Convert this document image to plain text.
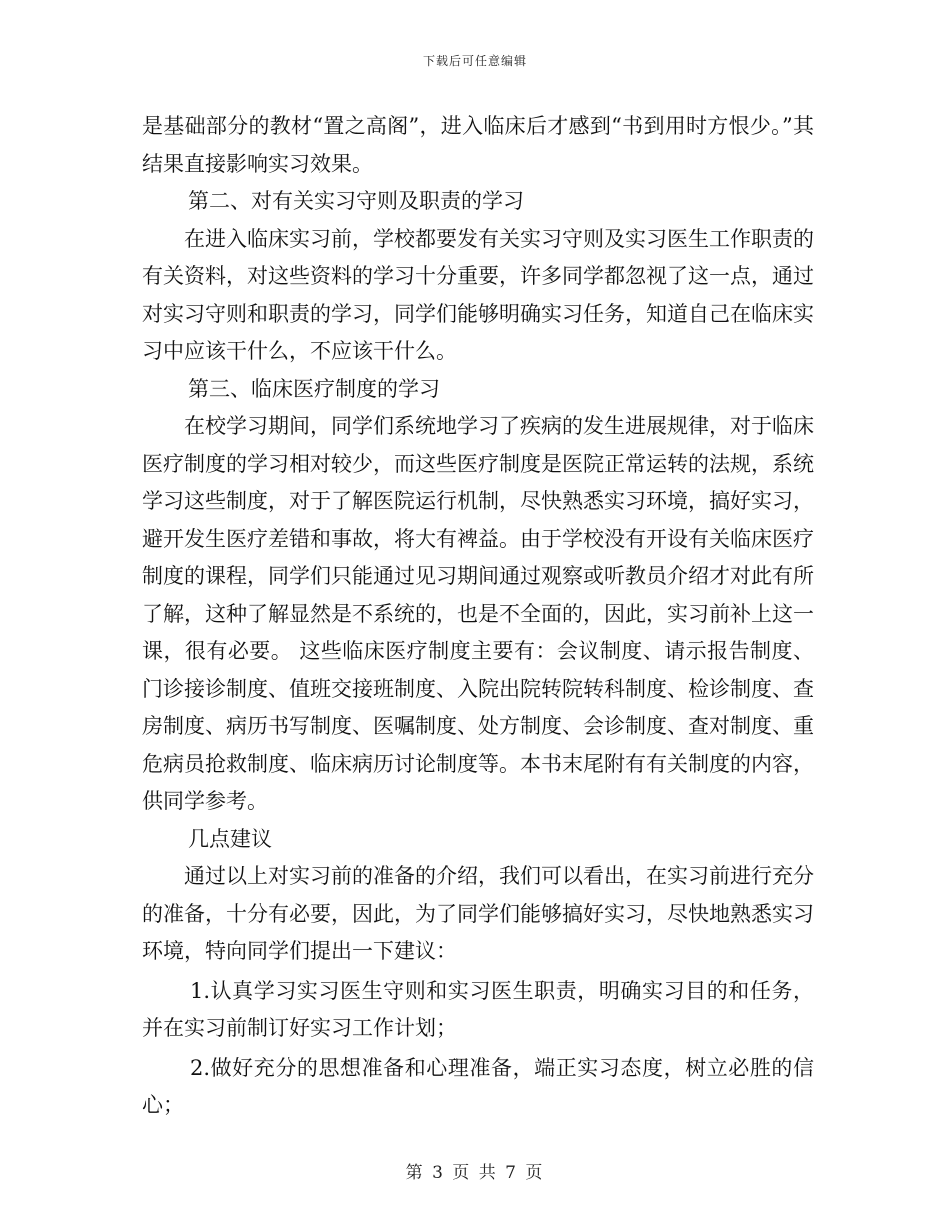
下载后可任意编辑

是基础部分的教材“置之高阁”，进入临床后才感到“书到用时方恨少。”其结果直接影响实习效果。

第二、对有关实习守则及职责的学习

在进入临床实习前，学校都要发有关实习守则及实习医生工作职责的有关资料，对这些资料的学习十分重要，许多同学都忽视了这一点，通过对实习守则和职责的学习，同学们能够明确实习任务，知道自己在临床实习中应该干什么，不应该干什么。

第三、临床医疗制度的学习

在校学习期间，同学们系统地学习了疾病的发生进展规律，对于临床医疗制度的学习相对较少，而这些医疗制度是医院正常运转的法规，系统学习这些制度，对于了解医院运行机制，尽快熟悉实习环境，搞好实习，避开发生医疗差错和事故，将大有裨益。由于学校没有开设有关临床医疗制度的课程，同学们只能通过见习期间通过观察或听教员介绍才对此有所了解，这种了解显然是不系统的，也是不全面的，因此，实习前补上这一课，很有必要。 这些临床医疗制度主要有：会议制度、请示报告制度、门诊接诊制度、值班交接班制度、入院出院转院转科制度、检诊制度、查房制度、病历书写制度、医嘱制度、处方制度、会诊制度、查对制度、重危病员抢救制度、临床病历讨论制度等。本书末尾附有有关制度的内容，供同学参考。

几点建议

通过以上对实习前的准备的介绍，我们可以看出，在实习前进行充分的准备，十分有必要，因此，为了同学们能够搞好实习，尽快地熟悉实习环境，特向同学们提出一下建议：

1.认真学习实习医生守则和实习医生职责，明确实习目的和任务，并在实习前制订好实习工作计划；

2.做好充分的思想准备和心理准备，端正实习态度，树立必胜的信心；

第 3 页 共 7 页
